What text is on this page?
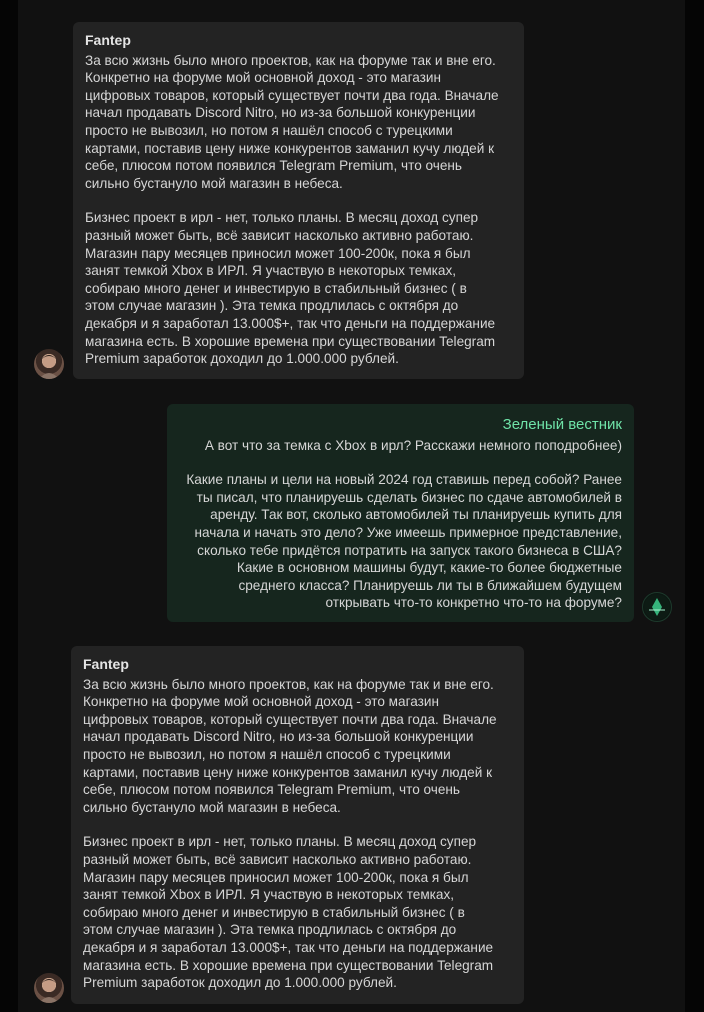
Fantep
За всю жизнь было много проектов, как на форуме так и вне его.
Конкретно на форуме мой основной доход - это магазин
цифровых товаров, который существует почти два года. Вначале
начал продавать Discord Nitro, но из-за большой конкуренции
просто не вывозил, но потом я нашёл способ с турецкими
картами, поставив цену ниже конкурентов заманил кучу людей к
себе, плюсом потом появился Telegram Premium, что очень
сильно бустануло мой магазин в небеса.
Бизнес проект в ирл - нет, только планы. В месяц доход супер
разный может быть, всё зависит насколько активно работаю.
Магазин пару месяцев приносил может 100-200к, пока я был
занят темкой Xbox в ИРЛ. Я участвую в некоторых темках,
собираю много денег и инвестирую в стабильный бизнес ( в
этом случае магазин ). Эта темка продлилась с октября до
декабря и я заработал 13.000$+, так что деньги на поддержание
магазина есть. В хорошие времена при существовании Telegram
Premium заработок доходил до 1.000.000 рублей.
Зеленый вестник
А вот что за темка с Xbox в ирл? Расскажи немного поподробнее)
Какие планы и цели на новый 2024 год ставишь перед собой? Ранее
ты писал, что планируешь сделать бизнес по сдаче автомобилей в
аренду. Так вот, сколько автомобилей ты планируешь купить для
начала и начать это дело? Уже имеешь примерное представление,
сколько тебе придётся потратить на запуск такого бизнеса в США?
Какие в основном машины будут, какие-то более бюджетные
среднего класса? Планируешь ли ты в ближайшем будущем
открывать что-то конкретно что-то на форуме?
Fantep
За всю жизнь было много проектов, как на форуме так и вне его.
Конкретно на форуме мой основной доход - это магазин
цифровых товаров, который существует почти два года. Вначале
начал продавать Discord Nitro, но из-за большой конкуренции
просто не вывозил, но потом я нашёл способ с турецкими
картами, поставив цену ниже конкурентов заманил кучу людей к
себе, плюсом потом появился Telegram Premium, что очень
сильно бустануло мой магазин в небеса.
Бизнес проект в ирл - нет, только планы. В месяц доход супер
разный может быть, всё зависит насколько активно работаю.
Магазин пару месяцев приносил может 100-200к, пока я был
занят темкой Xbox в ИРЛ. Я участвую в некоторых темках,
собираю много денег и инвестирую в стабильный бизнес ( в
этом случае магазин ). Эта темка продлилась с октября до
декабря и я заработал 13.000$+, так что деньги на поддержание
магазина есть. В хорошие времена при существовании Telegram
Premium заработок доходил до 1.000.000 рублей.
